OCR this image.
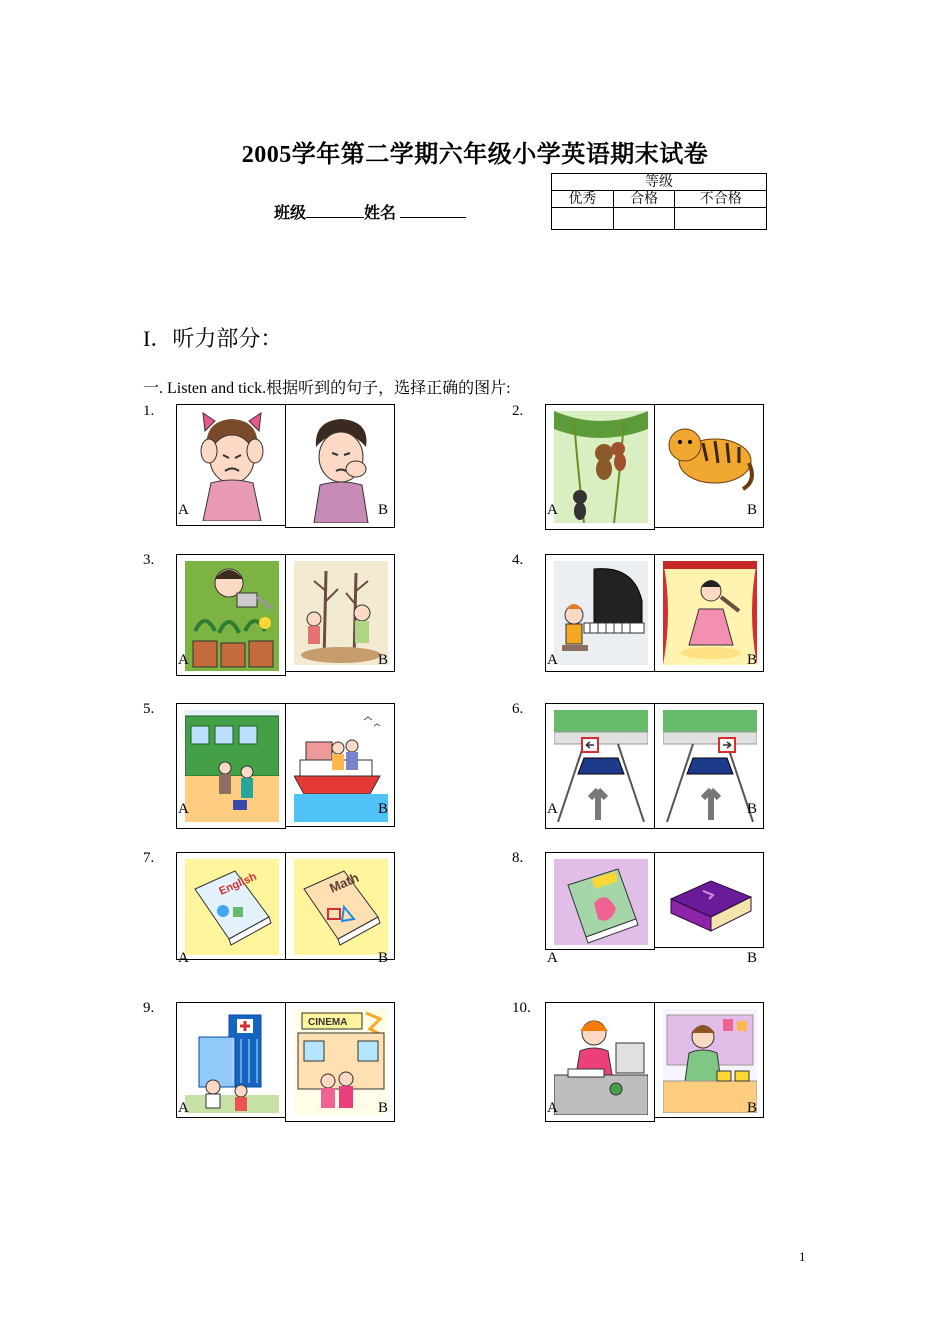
2005学年第二学期六年级小学英语期末试卷
班级	姓名
等级		
优秀	合格	不合格

I．听力部分：
一. Listen and tick.根据听到的句子，选择正确的图片:
1.
A	B
2.
A	B
3.
A	B
4.
A	B
5.
A	B
6.
A	B
7.
English
A
Math
B
8.
A	B
9.
A
CINEMA
B
10.
A	B
1
